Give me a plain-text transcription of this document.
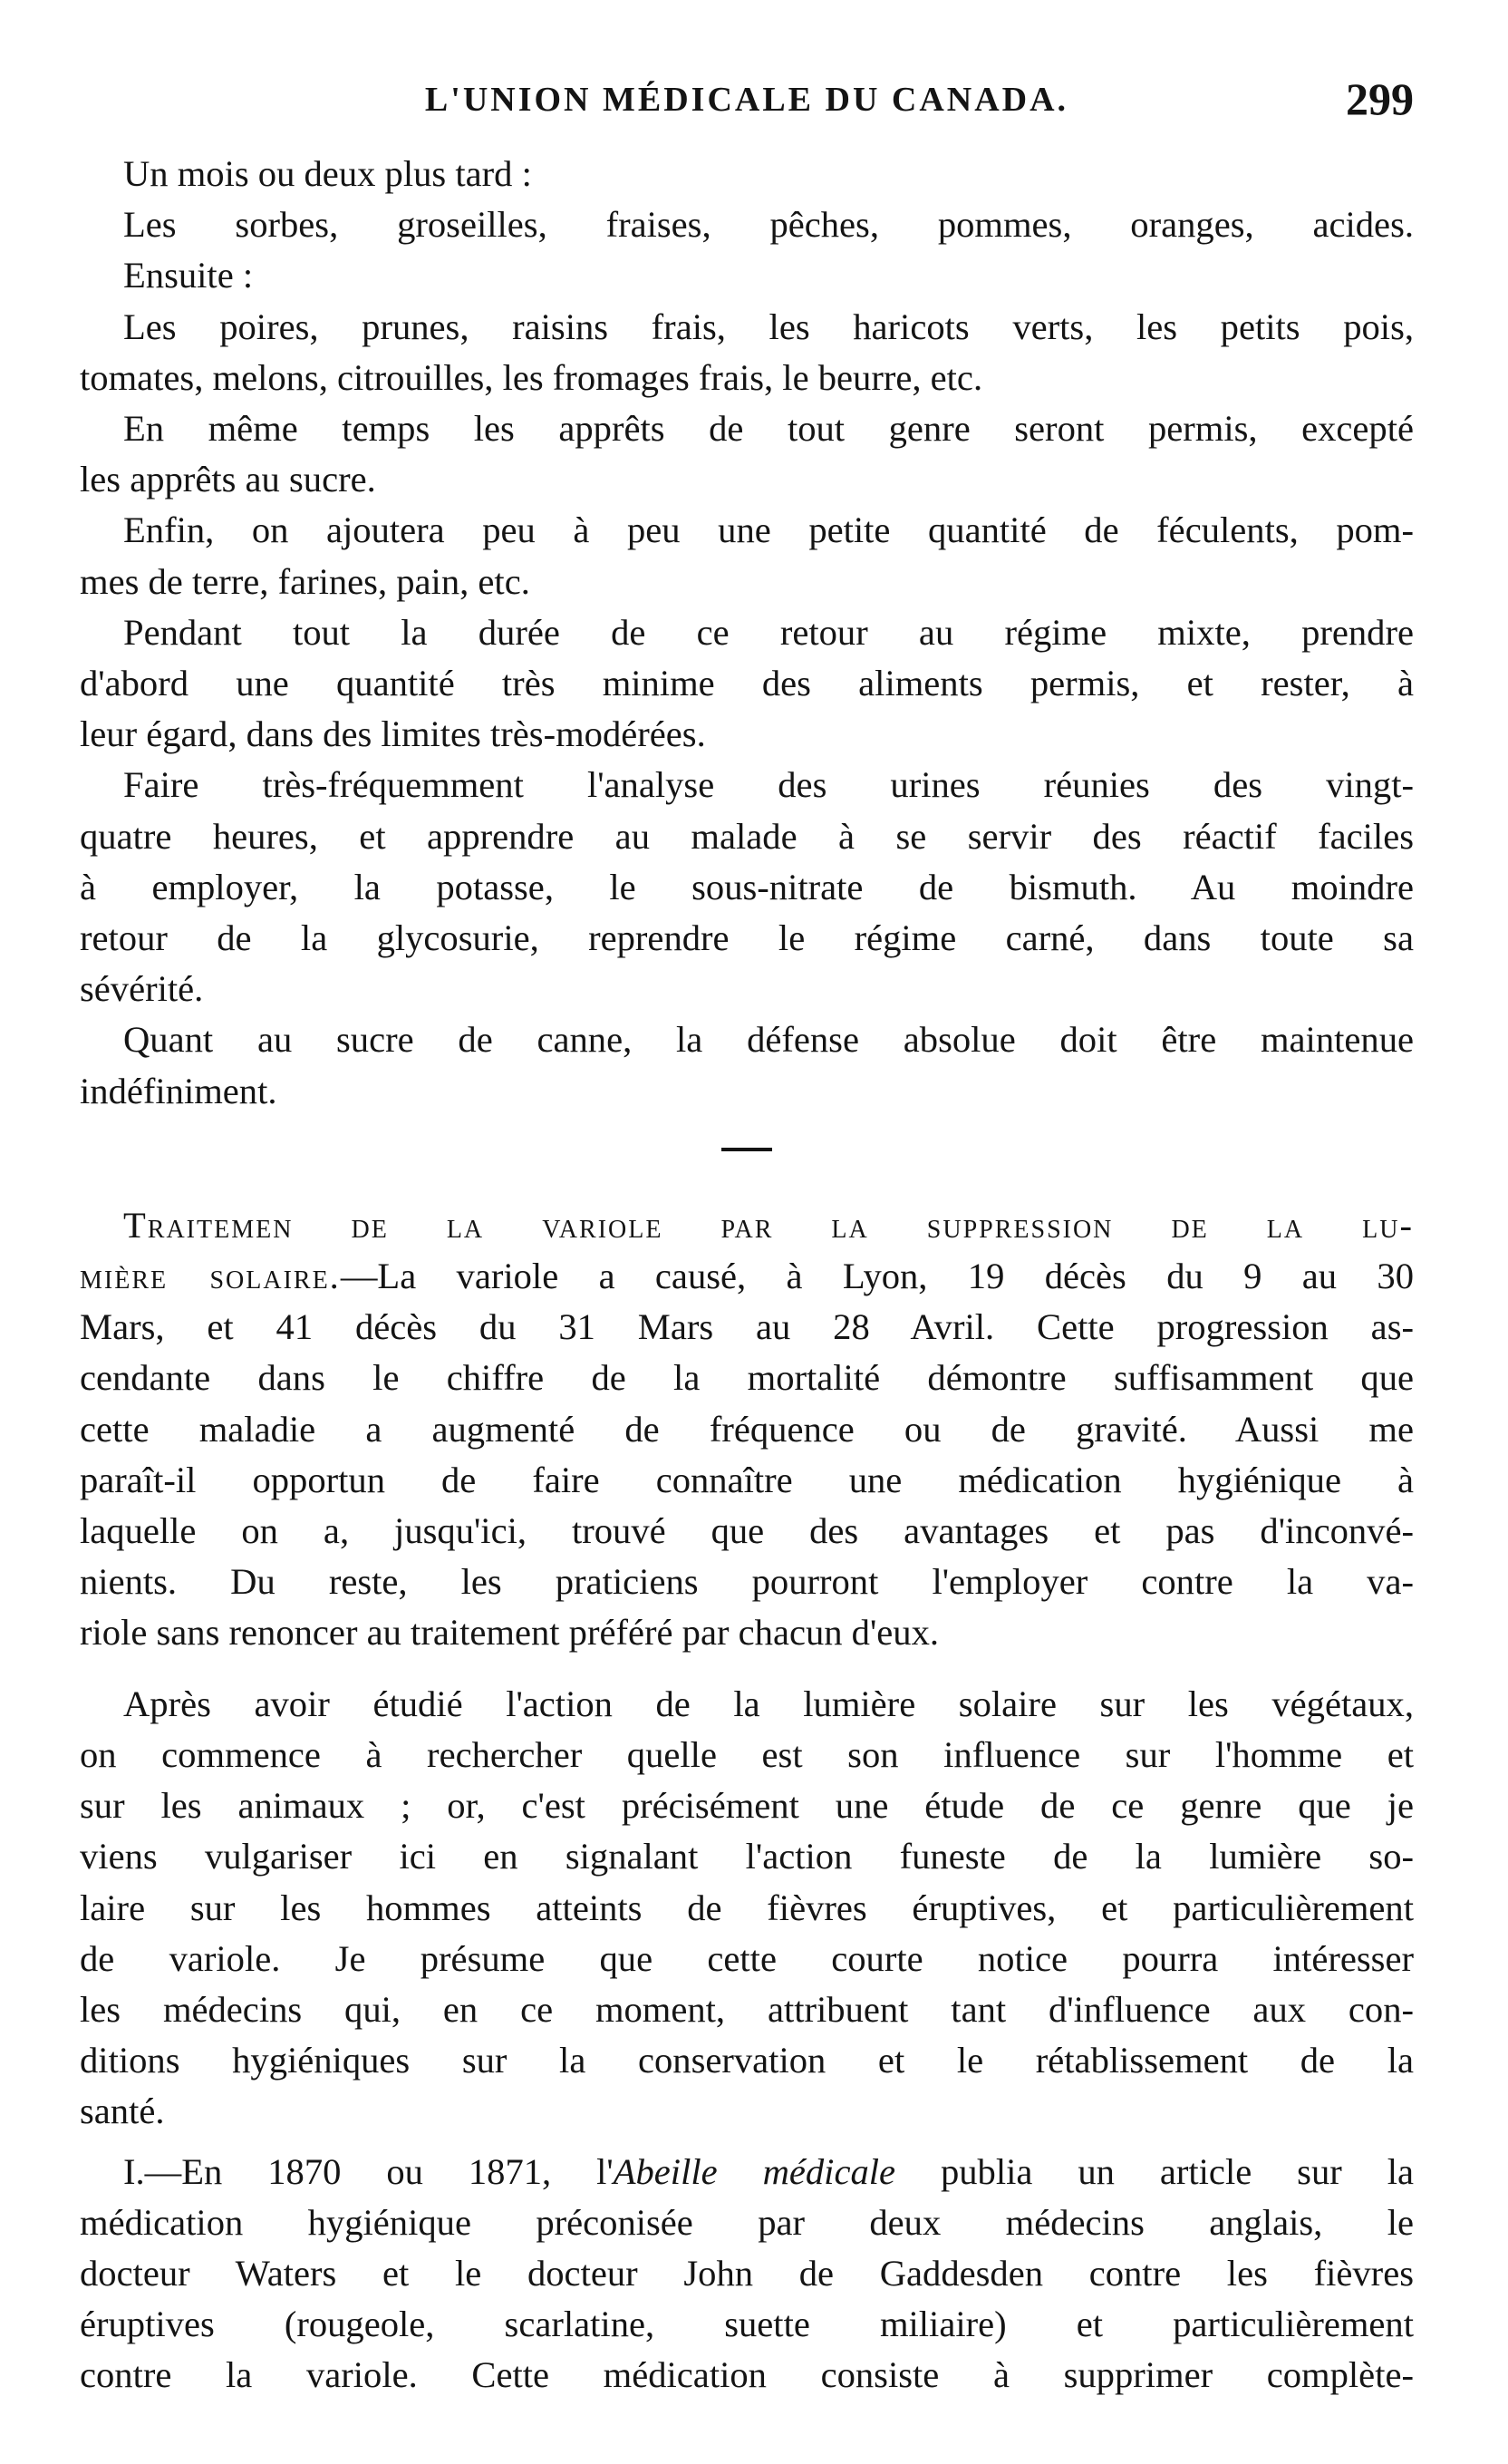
L'UNION MÉDICALE DU CANADA.	299

Un mois ou deux plus tard :
Les sorbes, groseilles, fraises, pêches, pommes, oranges, acides.
Ensuite :
Les poires, prunes, raisins frais, les haricots verts, les petits pois,
tomates, melons, citrouilles, les fromages frais, le beurre, etc.
En même temps les apprêts de tout genre seront permis, excepté
les apprêts au sucre.
Enfin, on ajoutera peu à peu une petite quantité de féculents, pom-
mes de terre, farines, pain, etc.
Pendant tout la durée de ce retour au régime mixte, prendre
d'abord une quantité très minime des aliments permis, et rester, à
leur égard, dans des limites très-modérées.
Faire très-fréquemment l'analyse des urines réunies des vingt-
quatre heures, et apprendre au malade à se servir des réactif faciles
à employer, la potasse, le sous-nitrate de bismuth. Au moindre
retour de la glycosurie, reprendre le régime carné, dans toute sa
sévérité.
Quant au sucre de canne, la défense absolue doit être maintenue
indéfiniment.

Traitemen de la variole par la suppression de la lu-
mière solaire.—La variole a causé, à Lyon, 19 décès du 9 au 30
Mars, et 41 décès du 31 Mars au 28 Avril. Cette progression as-
cendante dans le chiffre de la mortalité démontre suffisamment que
cette maladie a augmenté de fréquence ou de gravité. Aussi me
paraît-il opportun de faire connaître une médication hygiénique à
laquelle on a, jusqu'ici, trouvé que des avantages et pas d'inconvé-
nients. Du reste, les praticiens pourront l'employer contre la va-
riole sans renoncer au traitement préféré par chacun d'eux.

Après avoir étudié l'action de la lumière solaire sur les végétaux,
on commence à rechercher quelle est son influence sur l'homme et
sur les animaux ; or, c'est précisément une étude de ce genre que je
viens vulgariser ici en signalant l'action funeste de la lumière so-
laire sur les hommes atteints de fièvres éruptives, et particulièrement
de variole. Je présume que cette courte notice pourra intéresser
les médecins qui, en ce moment, attribuent tant d'influence aux con-
ditions hygiéniques sur la conservation et le rétablissement de la
santé.

I.—En 1870 ou 1871, l'Abeille médicale publia un article sur la
médication hygiénique préconisée par deux médecins anglais, le
docteur Waters et le docteur John de Gaddesden contre les fièvres
éruptives (rougeole, scarlatine, suette miliaire) et particulièrement
contre la variole. Cette médication consiste à supprimer complète-
